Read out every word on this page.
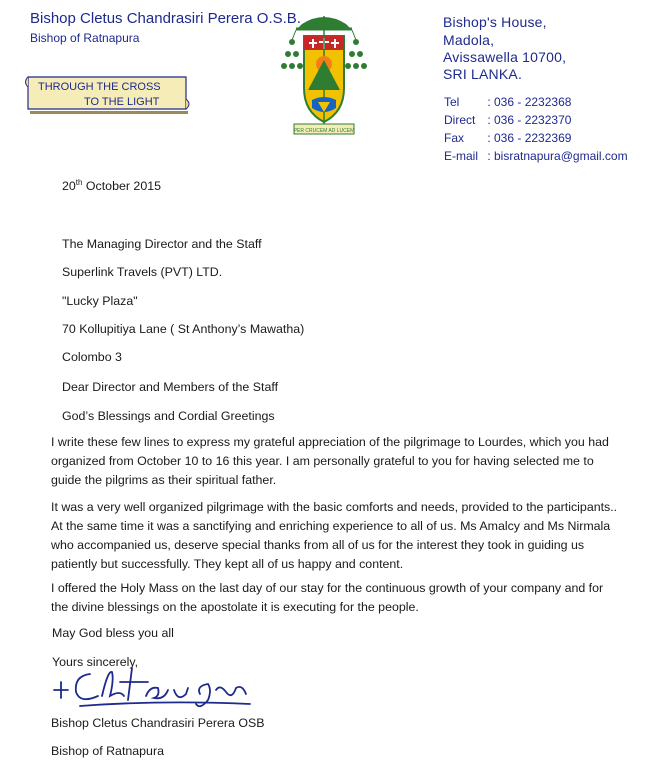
Bishop Cletus Chandrasiri Perera O.S.B.
Bishop of Ratnapura
THROUGH THE CROSS
TO THE LIGHT
PER CRUCEM AD LUCEM
Bishop's House,
Madola,
Avissawella 10700,
SRI LANKA.
Tel : 036 - 2232368
Direct : 036 - 2232370
Fax : 036 - 2232369
E-mail : bisratnapura@gmail.com
20th October 2015
The Managing Director and the Staff
Superlink Travels (PVT) LTD.
"Lucky Plaza"
70 Kollupitiya Lane ( St Anthony’s Mawatha)
Colombo 3
Dear Director and Members of the Staff
God’s Blessings and Cordial Greetings
I write these few lines to express my grateful appreciation of the pilgrimage to Lourdes, which you had organized from October 10 to 16 this year. I am personally grateful to you for having selected me to guide the pilgrims as their spiritual father.
It was a very well organized pilgrimage with the basic comforts and needs, provided to the participants.. At the same time it was a sanctifying and enriching experience to all of us. Ms Amalcy and Ms Nirmala who accompanied us, deserve special thanks from all of us for the interest they took in guiding us patiently but successfully. They kept all of us happy and content.
I offered the Holy Mass on the last day of our stay for the continuous growth of your company and for the divine blessings on the apostolate it is executing for the people.
May God bless you all
Yours sincerely,
Bishop Cletus Chandrasiri Perera OSB
Bishop of Ratnapura
